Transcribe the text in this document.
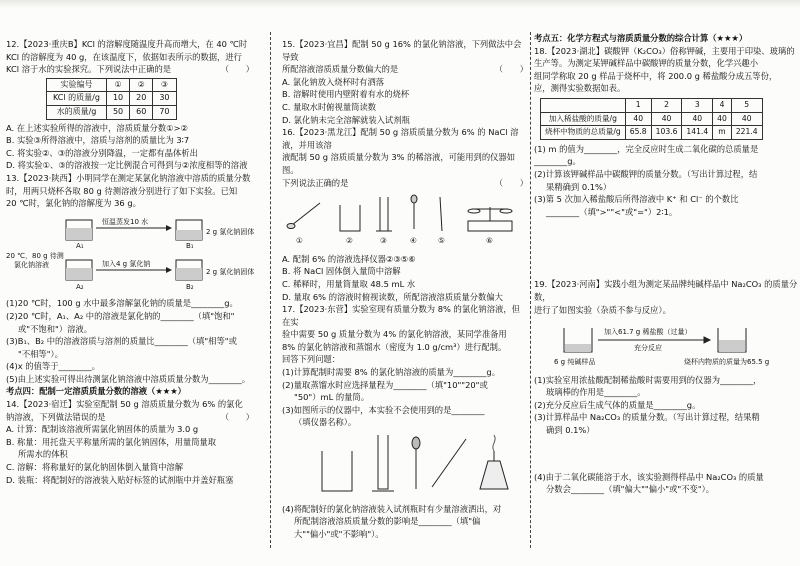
12.【2023·重庆B】KCl 的溶解度随温度升高而增大，在 40 ℃时

KCl 的溶解度为 40 g，在该温度下，依据如表所示的数据，进行

KCl 溶于水的实验探究。下列说法中正确的是	（　　）

实验编号	①	②	③
KCl 的质量/g	10	20	30
水的质量/g	50	60	70

A. 在上述实验所得的溶液中，溶质质量分数①>②

B. 实验③所得溶液中，溶质与溶剂的质量比为 3∶7

C. 将实验②、③的溶液分别降温，一定都有晶体析出

D. 将实验①、③的溶液按一定比例混合可得到与②浓度相等的溶液

13.【2023·陕西】小明同学在测定某氯化钠溶液中溶质的质量分数

时，用两只烧杯各取 80 g 待测溶液分别进行了如下实验。已知

20 ℃时，氯化钠的溶解度为 36 g。

恒温蒸发10 水
2 g 氯化钠固体
A₁	B₁
20 ℃，80 g 待测
氯化钠溶液	加入4 g 氯化钠
2 g 氯化钠固体
A₂	B₂

(1)20 ℃时，100 g 水中最多溶解氯化钠的质量是________g。

(2)20 ℃时，A₁、A₂ 中的溶液是氯化钠的________（填"饱和"

或"不饱和"）溶液。

(3)B₁、B₂ 中的溶液溶质与溶剂的质量比________（填"相等"或

"不相等"）。

(4)x 的值等于________。

(5)由上述实验可得出待测氯化钠溶液中溶质质量分数为________。

考点四：配制一定溶质质量分数的溶液（★★★）

14.【2023·宿迁】实验室配制 50 g 溶质质量分数为 6% 的氯化

钠溶液，下列做法错误的是	（　　）

A. 计算：配制该溶液所需氯化钠固体的质量为 3.0 g

B. 称量：用托盘天平称量所需的氯化钠固体，用量筒量取

所需水的体积

C. 溶解：将称量好的氯化钠固体倒入量筒中溶解

D. 装瓶：将配制好的溶液装入贴好标签的试剂瓶中并盖好瓶塞

15.【2023·宜昌】配制 50 g 16% 的氯化钠溶液，下列做法中会导致

所配溶液溶质质量分数偏大的是	（　　）

A. 氯化钠放入烧杯时有洒落

B. 溶解时使用内壁附着有水的烧杯

C. 量取水时俯视量筒读数

D. 氯化钠未完全溶解就装入试剂瓶

16.【2023·黑龙江】配制 50 g 溶质质量分数为 6% 的 NaCl 溶液，并用该溶

液配制 50 g 溶质质量分数为 3% 的稀溶液，可能用到的仪器如图。

下列说法正确的是	（　　）

①	②	③	④	⑤	⑥

A. 配制 6% 的溶液选择仪器②③⑤⑥

B. 将 NaCl 固体倒入量筒中溶解

C. 稀释时，用量筒量取 48.5 mL 水

D. 量取 6% 的溶液时俯视读数，所配溶液溶质质量分数偏大

17.【2023·东营】实验室现有质量分数为 8% 的氯化钠溶液，但在实

验中需要 50 g 质量分数为 4% 的氯化钠溶液，某同学准备用

8% 的氯化钠溶液和蒸馏水（密度为 1.0 g/cm³）进行配制。

回答下列问题：

(1)计算配制时需要 8% 的氯化钠溶液的质量为________g。

(2)量取蒸馏水时应选择量程为________（填"10""20"或

"50"）mL 的量筒。

(3)如图所示的仪器中，本实验不会使用到的是________

（填仪器名称）。

(4)将配制好的氯化钠溶液装入试剂瓶时有少量溶液洒出，对

所配制溶液溶质质量分数的影响是________（填"偏

大""偏小"或"不影响"）。

考点五：化学方程式与溶质质量分数的综合计算（★★★）

18.【2023·湖北】碳酸钾（K₂CO₃）俗称钾碱，主要用于印染、玻璃的

生产等。为测定某钾碱样品中碳酸钾的质量分数，化学兴趣小

组同学称取 20 g 样品于烧杯中，将 200.0 g 稀盐酸分成五等份，

应，测得实验数据如表。

	1	2	3	4	5
加入稀盐酸的质量/g	40	40	40	40	40
烧杯中物质的总质量/g	65.8	103.6	141.4	m	221.4

(1) m 的值为________，完全反应时生成二氧化碳的总质量是________g。

(2)计算该钾碱样品中碳酸钾的质量分数。（写出计算过程，结

果精确到 0.1%）

(3)第 5 次加入稀盐酸后所得溶液中 K⁺ 和 Cl⁻ 的个数比

________（填">""<"或"="）2∶1。

19.【2023·河南】实践小组为测定某品牌纯碱样品中 Na₂CO₃ 的质量分数，

进行了如图实验（杂质不参与反应）。

加入61.7 g 稀盐酸（过量）
充分反应
6 g 纯碱样品	烧杯内物质的质量为65.5 g

(1)实验室用浓盐酸配制稀盐酸时需要用到的仪器为________，

玻璃棒的作用是________。

(2)充分反应后生成气体的质量是________g。

(3)计算样品中 Na₂CO₃ 的质量分数。（写出计算过程，结果精

确到 0.1%）

(4)由于二氧化碳能溶于水，该实验测得样品中 Na₂CO₃ 的质量

分数会________（填"偏大""偏小"或"不变"）。
